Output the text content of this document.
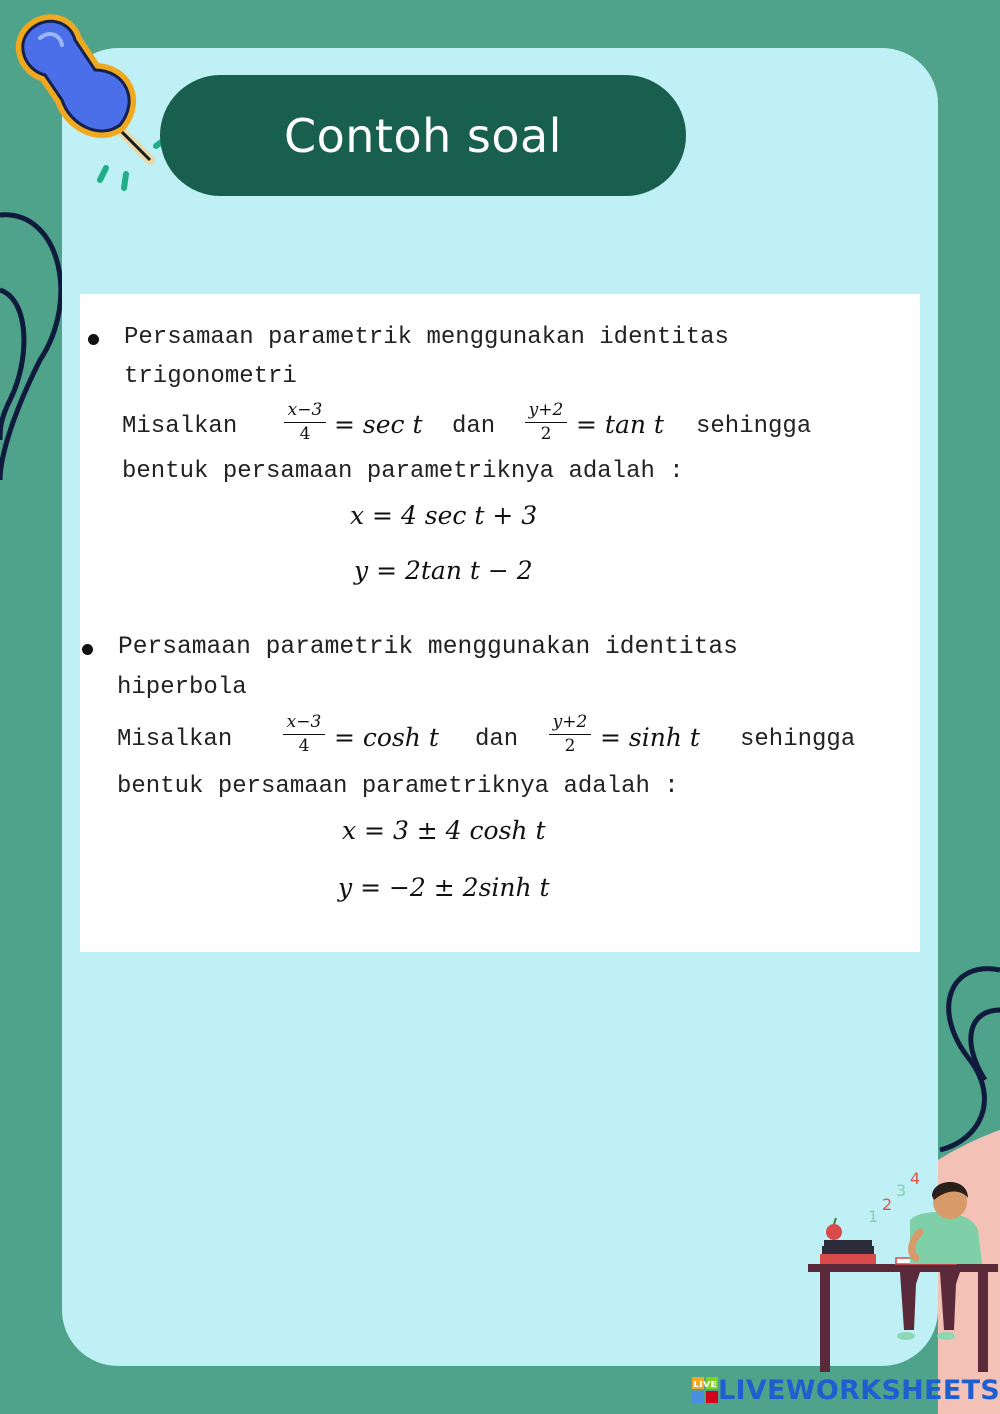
Contoh soal
Persamaan parametrik menggunakan identitas
trigonometri
Misalkan	$\frac{x-3}{4} = \sec t$ dan $\frac{y+2}{2} = \tan t$ sehingga
bentuk persamaan parametriknya adalah :
x = 4 sec t + 3
y = 2tan t − 2
Persamaan parametrik menggunakan identitas
hiperbola
Misalkan	$\frac{x-3}{4} = \cosh t$ dan $\frac{y+2}{2} = \sinh t$ sehingga
bentuk persamaan parametriknya adalah :
x = 3 ± 4 cosh t
y = −2 ± 2sinh t
1
2
3
4
LIVE LIVEWORKSHEETS
